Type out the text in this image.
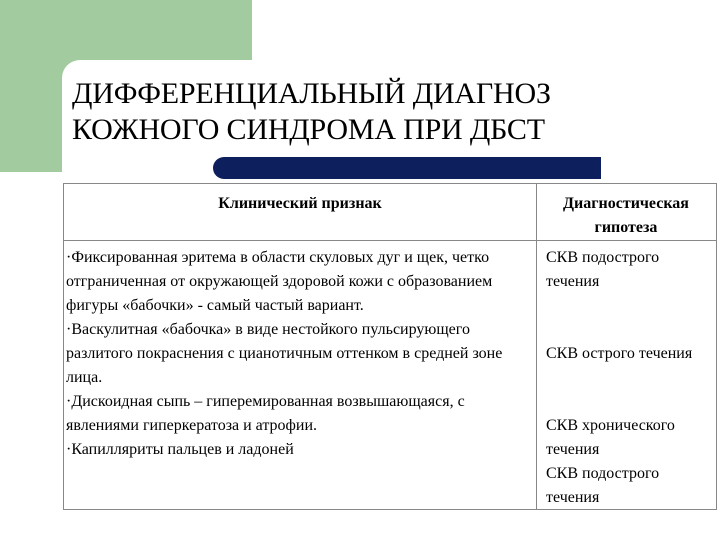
ДИФФЕРЕНЦИАЛЬНЫЙ ДИАГНОЗ
КОЖНОГО СИНДРОМА ПРИ ДБСТ
Клинический признак	Диагностическая гипотеза

·Фиксированная эритема в области скуловых дуг и щек, четко отграниченная от окружающей здоровой кожи с образованием фигуры «бабочки» - самый частый вариант.

·Васкулитная «бабочка» в виде нестойкого пульсирующего разлитого покраснения с цианотичным оттенком в средней зоне лица.

·Дискоидная сыпь – гиперемированная возвышающаяся, с явлениями гиперкератоза и атрофии.

·Капилляриты пальцев и ладоней

СКВ подострого течения
СКВ острого течения
СКВ хронического течения
СКВ подострого течения
